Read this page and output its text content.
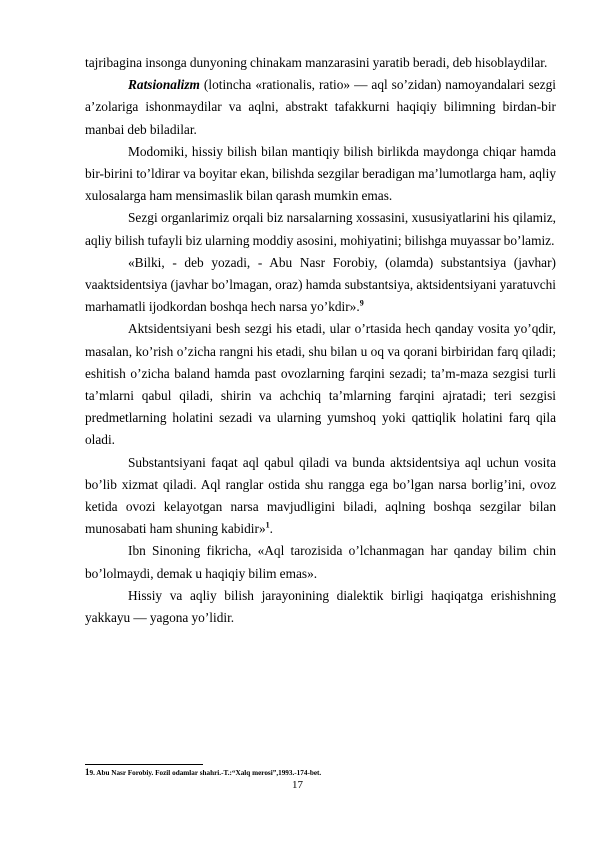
tajribagina insonga dunyoning chinakam manzarasini yaratib beradi, deb hisoblaydilar.

Ratsionalizm (lotincha «rationalis, ratio» — aql so’zidan) namoyandalari sezgi a’zolariga ishonmaydilar va aqlni, abstrakt tafakkurni haqiqiy bilimning birdan-bir manbai deb biladilar.

Modomiki, hissiy bilish bilan mantiqiy bilish birlikda maydonga chiqar hamda bir-birini to’ldirar va boyitar ekan, bilishda sezgilar beradigan ma’lumotlarga ham, aqliy xulosalarga ham mensimaslik bilan qarash mumkin emas.

Sezgi organlarimiz orqali biz narsalarning xossasini, xususiyatlarini his qilamiz, aqliy bilish tufayli biz ularning moddiy asosini, mohiyatini; bilishga muyassar bo’lamiz.

«Bilki, - deb yozadi, - Abu Nasr Forobiy, (olamda) substantsiya (javhar) vaaktsidentsiya (javhar bo’lmagan, oraz) hamda substantsiya, aktsidentsiyani yaratuvchi marhamatli ijodkordan boshqa hech narsa yo’kdir».$^9$

Aktsidentsiyani besh sezgi his etadi, ular o’rtasida hech qanday vosita yo’qdir, masalan, ko’rish o’zicha rangni his etadi, shu bilan u oq va qorani birbiridan farq qiladi; eshitish o’zicha baland hamda past ovozlarning farqini sezadi; ta’m-maza sezgisi turli ta’mlarni qabul qiladi, shirin va achchiq ta’mlarning farqini ajratadi; teri sezgisi predmetlarning holatini sezadi va ularning yumshoq yoki qattiqlik holatini farq qila oladi.

Substantsiyani faqat aql qabul qiladi va bunda aktsidentsiya aql uchun vosita bo’lib xizmat qiladi. Aql ranglar ostida shu rangga ega bo’lgan narsa borlig’ini, ovoz ketida ovozi kelayotgan narsa mavjudligini biladi, aqlning boshqa sezgilar bilan munosabati ham shuning kabidir»$^1$.

Ibn Sinoning fikricha, «Aql tarozisida o’lchanmagan har qanday bilim chin bo’lolmaydi, demak u haqiqiy bilim emas».

Hissiy va aqliy bilish jarayonining dialektik birligi haqiqatga erishishning yakkayu — yagona yo’lidir.

19. Abu Nasr Forobiy. Fozil odamlar shahri.-T.:“Xalq merosi”,1993.-174-bet.
17
